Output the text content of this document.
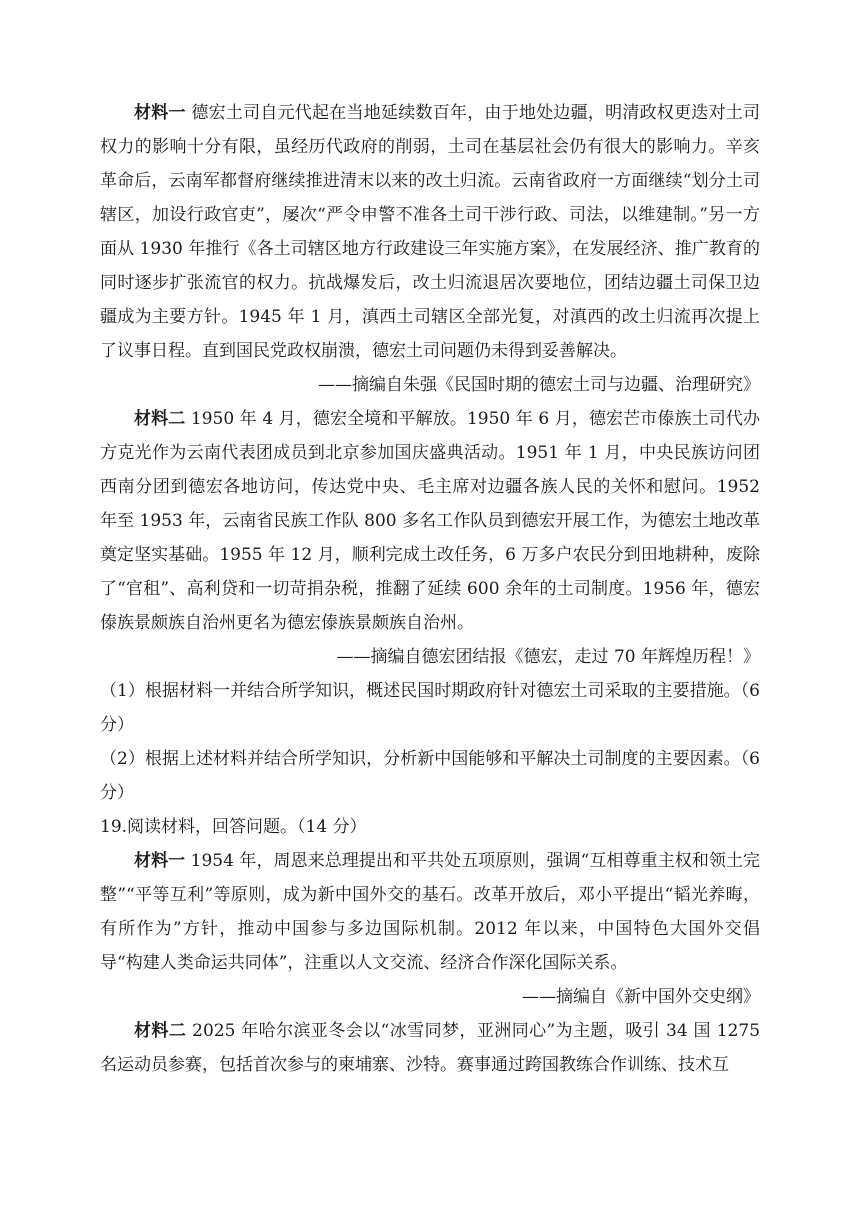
材料一 德宏土司自元代起在当地延续数百年，由于地处边疆，明清政权更迭对土司权力的影响十分有限，虽经历代政府的削弱，土司在基层社会仍有很大的影响力。辛亥革命后，云南军都督府继续推进清末以来的改土归流。云南省政府一方面继续“划分土司辖区，加设行政官吏”，屡次“严令申警不准各土司干涉行政、司法，以维建制。”另一方面从 1930 年推行《各土司辖区地方行政建设三年实施方案》，在发展经济、推广教育的同时逐步扩张流官的权力。抗战爆发后，改土归流退居次要地位，团结边疆土司保卫边疆成为主要方针。1945 年 1 月，滇西土司辖区全部光复，对滇西的改土归流再次提上了议事日程。直到国民党政权崩溃，德宏土司问题仍未得到妥善解决。

——摘编自朱强《民国时期的德宏土司与边疆、治理研究》

材料二 1950 年 4 月，德宏全境和平解放。1950 年 6 月，德宏芒市傣族土司代办方克光作为云南代表团成员到北京参加国庆盛典活动。1951 年 1 月，中央民族访问团西南分团到德宏各地访问，传达党中央、毛主席对边疆各族人民的关怀和慰问。1952 年至 1953 年，云南省民族工作队 800 多名工作队员到德宏开展工作，为德宏土地改革奠定坚实基础。1955 年 12 月，顺利完成土改任务，6 万多户农民分到田地耕种，废除了“官租”、高利贷和一切苛捐杂税，推翻了延续 600 余年的土司制度。1956 年，德宏傣族景颇族自治州更名为德宏傣族景颇族自治州。

——摘编自德宏团结报《德宏，走过 70 年辉煌历程！》

（1）根据材料一并结合所学知识，概述民国时期政府针对德宏土司采取的主要措施。（6 分）

（2）根据上述材料并结合所学知识，分析新中国能够和平解决土司制度的主要因素。（6 分）

19.阅读材料，回答问题。（14 分）

材料一 1954 年，周恩来总理提出和平共处五项原则，强调“互相尊重主权和领土完整”“平等互利”等原则，成为新中国外交的基石。改革开放后，邓小平提出“韬光养晦，有所作为”方针，推动中国参与多边国际机制。2012 年以来，中国特色大国外交倡导“构建人类命运共同体”，注重以人文交流、经济合作深化国际关系。

——摘编自《新中国外交史纲》

材料二 2025 年哈尔滨亚冬会以“冰雪同梦，亚洲同心”为主题，吸引 34 国 1275 名运动员参赛，包括首次参与的柬埔寨、沙特。赛事通过跨国教练合作训练、技术互
